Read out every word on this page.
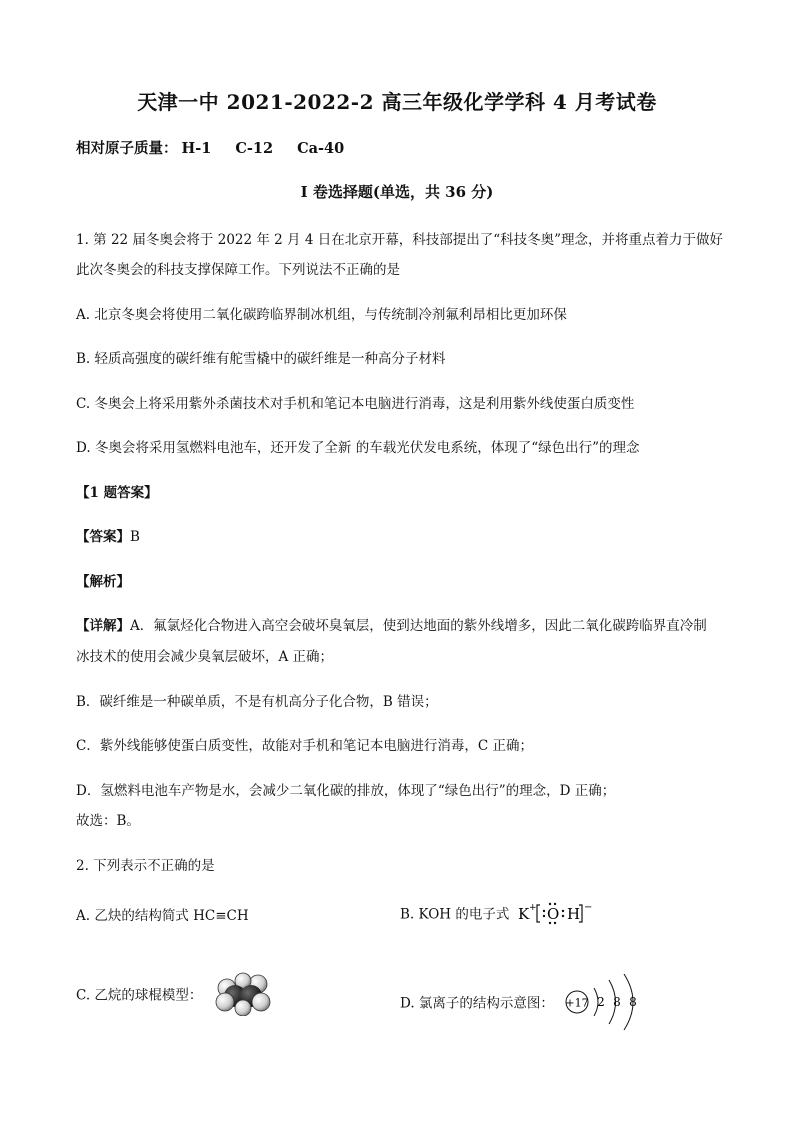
天津一中 2021-2022-2 高三年级化学学科 4 月考试卷
相对原子质量： H-1 C-12 Ca-40
I 卷选择题(单选，共 36 分)
1. 第 22 届冬奥会将于 2022 年 2 月 4 日在北京开幕，科技部提出了“科技冬奥”理念，并将重点着力于做好
此次冬奥会的科技支撑保障工作。下列说法不正确的是
A. 北京冬奥会将使用二氧化碳跨临界制冰机组，与传统制冷剂氟利昂相比更加环保
B. 轻质高强度的碳纤维有舵雪橇中的碳纤维是一种高分子材料
C. 冬奥会上将采用紫外杀菌技术对手机和笔记本电脑进行消毒，这是利用紫外线使蛋白质变性
D. 冬奥会将采用氢燃料电池车，还开发了全新 的车载光伏发电系统，体现了“绿色出行”的理念
【1 题答案】
【答案】B
【解析】
【详解】A．氟氯烃化合物进入高空会破坏臭氧层，使到达地面的紫外线增多，因此二氧化碳跨临界直冷制
冰技术的使用会减少臭氧层破坏，A 正确；
B．碳纤维是一种碳单质，不是有机高分子化合物，B 错误；
C．紫外线能够使蛋白质变性，故能对手机和笔记本电脑进行消毒，C 正确；
D．氢燃料电池车产物是水，会减少二氧化碳的排放，体现了“绿色出行”的理念，D 正确；
故选：B。
2. 下列表示不正确的是
A. 乙炔的结构简式 HC≡CH	B. KOH 的电子式 K + O H −
C. 乙烷的球棍模型：	D. 氯离子的结构示意图： +17 2 8 8
